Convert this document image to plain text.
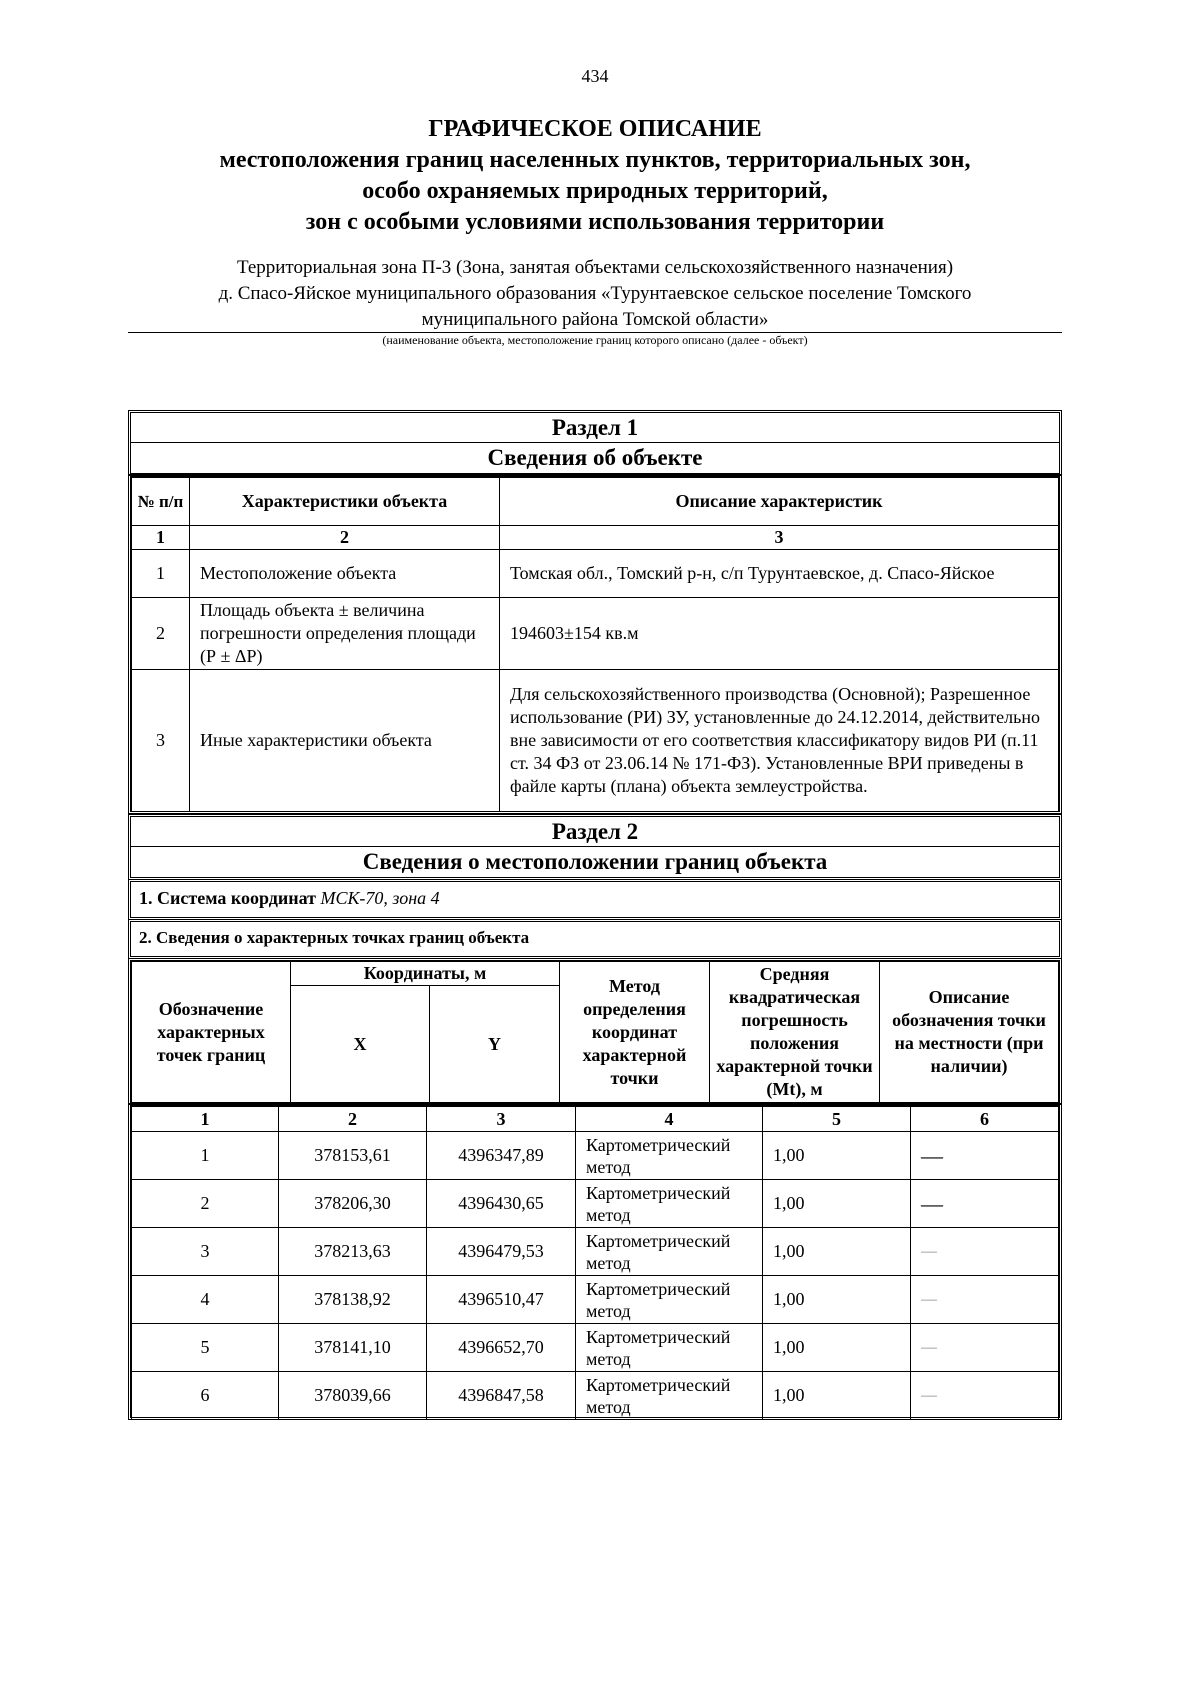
434
ГРАФИЧЕСКОЕ ОПИСАНИЕ
местоположения границ населенных пунктов, территориальных зон,
особо охраняемых природных территорий,
зон с особыми условиями использования территории
Территориальная зона П-3 (Зона, занятая объектами сельскохозяйственного назначения)
д. Спасо-Яйское муниципального образования «Турунтаевское сельское поселение Томского
муниципального района Томской области»
(наименование объекта, местоположение границ которого описано (далее - объект)
Раздел 1
Сведения об объекте
№ п/п	Характеристики объекта	Описание характеристик
1	2	3
1	Местоположение объекта	Томская обл., Томский р-н, с/п Турунтаевское, д. Спасо-Яйское
2	Площадь объекта ± величина погрешности определения площади (Р ± ΔР)	194603±154 кв.м
3	Иные характеристики объекта	Для сельскохозяйственного производства (Основной); Разрешенное использование (РИ) ЗУ, установленные до 24.12.2014, действительно вне зависимости от его соответствия классификатору видов РИ (п.11 ст. 34 ФЗ от 23.06.14 № 171-ФЗ). Установленные ВРИ приведены в файле карты (плана) объекта землеустройства.
Раздел 2
Сведения о местоположении границ объекта
1. Система координат МСК-70, зона 4
2. Сведения о характерных точках границ объекта
Обозначение характерных точек границ	Координаты, м		Метод определения координат характерной точки	Средняя квадратическая погрешность положения характерной точки (Mt), м	Описание обозначения точки на местности (при наличии)
	X	Y			
1	2	3	4	5	6
1	378153,61	4396347,89	Картометрический метод	1,00	—
2	378206,30	4396430,65	Картометрический метод	1,00	—
3	378213,63	4396479,53	Картометрический метод	1,00	—
4	378138,92	4396510,47	Картометрический метод	1,00	—
5	378141,10	4396652,70	Картометрический метод	1,00	—
6	378039,66	4396847,58	Картометрический метод	1,00	—
